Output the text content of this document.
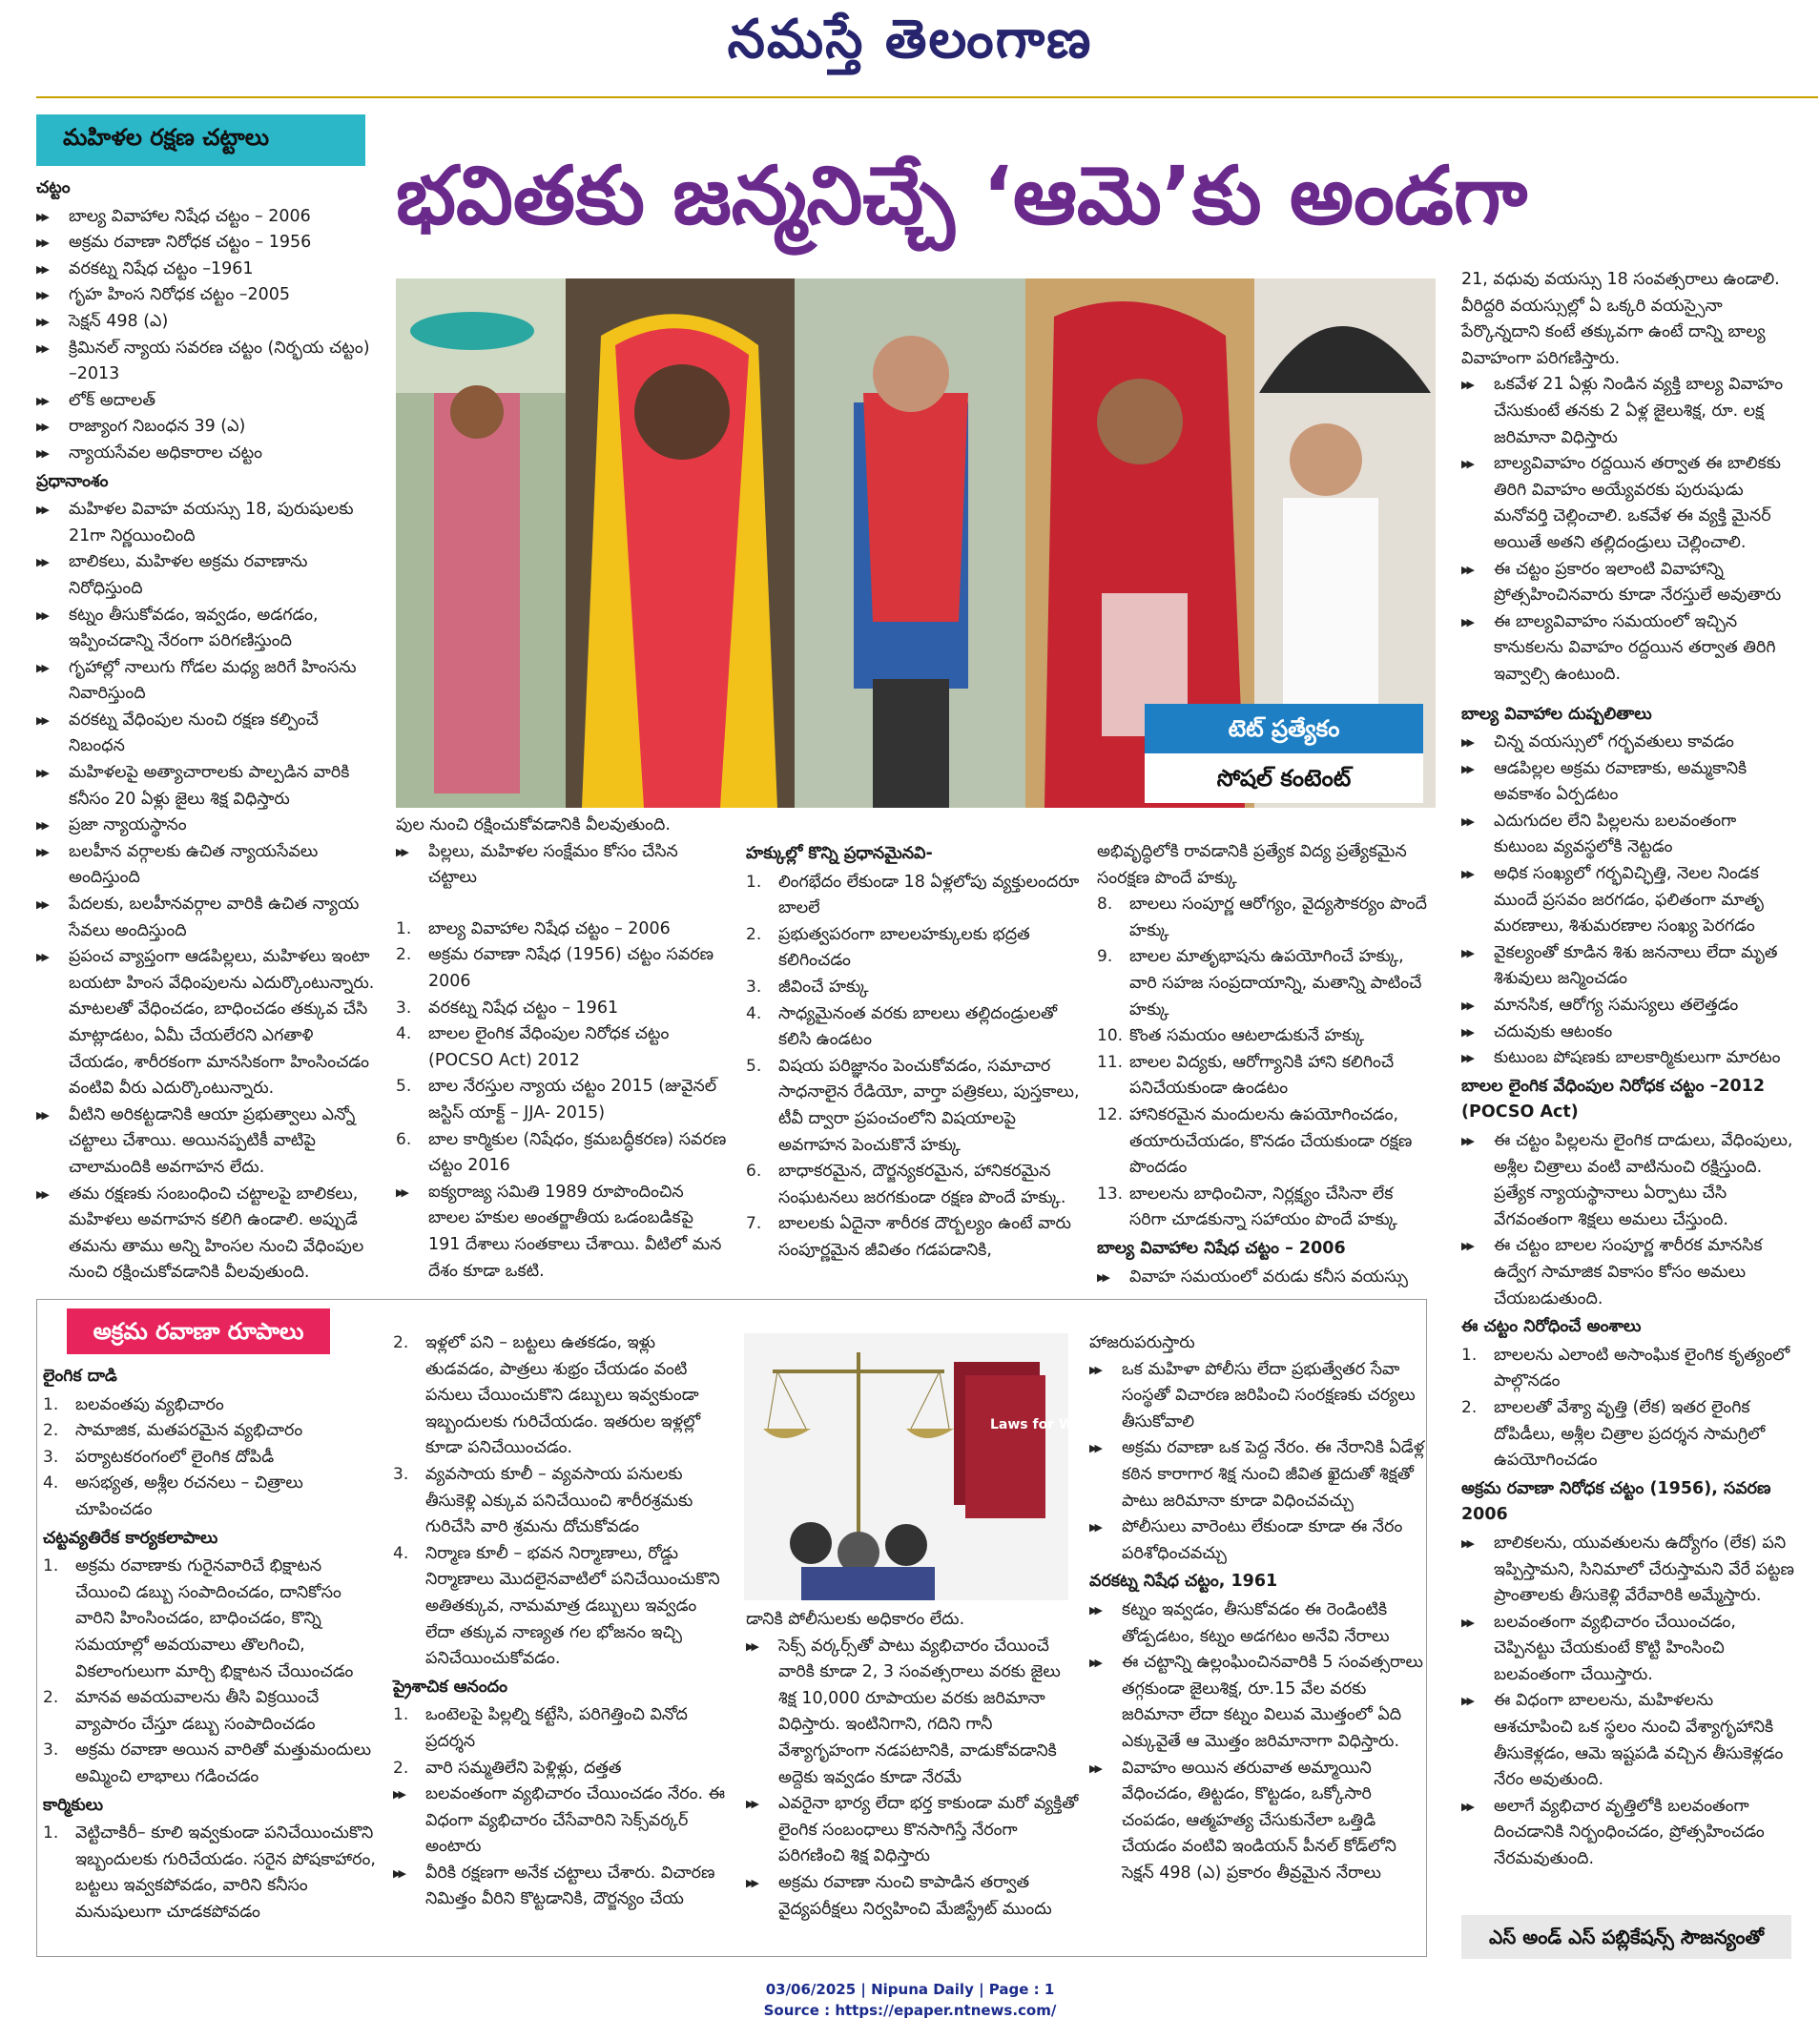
నమస్తే తెలంగాణ
భవితకు జన్మనిచ్చే ‘ఆమె’కు అండగా
మహిళల రక్షణ చట్టాలు
చట్టం
▶▶ బాల్య వివాహాల నిషేధ చట్టం – 2006
▶▶ అక్రమ రవాణా నిరోధక చట్టం – 1956
▶▶ వరకట్న నిషేధ చట్టం –1961
▶▶ గృహ హింస నిరోధక చట్టం –2005
▶▶ సెక్షన్ 498 (ఎ)
▶▶ క్రిమినల్ న్యాయ సవరణ చట్టం (నిర్భయ చట్టం) –2013
▶▶ లోక్ అదాలత్
▶▶ రాజ్యాంగ నిబంధన 39 (ఎ)
▶▶ న్యాయసేవల అధికారాల చట్టం
ప్రధానాంశం
▶▶ మహిళల వివాహ వయస్సు 18, పురుషులకు 21గా నిర్ణయించింది
▶▶ బాలికలు, మహిళల అక్రమ రవాణాను నిరోధిస్తుంది
▶▶ కట్నం తీసుకోవడం, ఇవ్వడం, అడగడం, ఇప్పించడాన్ని నేరంగా పరిగణిస్తుంది
▶▶ గృహాల్లో నాలుగు గోడల మధ్య జరిగే హింసను నివారిస్తుంది
▶▶ వరకట్న వేధింపుల నుంచి రక్షణ కల్పించే నిబంధన
▶▶ మహిళలపై అత్యాచారాలకు పాల్పడిన వారికి కనీసం 20 ఏళ్లు జైలు శిక్ష విధిస్తారు
▶▶ ప్రజా న్యాయస్థానం
▶▶ బలహీన వర్గాలకు ఉచిత న్యాయసేవలు అందిస్తుంది
▶▶ పేదలకు, బలహీనవర్గాల వారికి ఉచిత న్యాయ సేవలు అందిస్తుంది
▶▶ ప్రపంచ వ్యాప్తంగా ఆడపిల్లలు, మహిళలు ఇంటా బయటా హింస వేధింపులను ఎదుర్కొంటున్నారు. మాటలతో వేధించడం, బాధించడం తక్కువ చేసి మాట్లాడటం, ఏమీ చేయలేరని ఎగతాళి చేయడం, శారీరకంగా మానసికంగా హింసించడం వంటివి వీరు ఎదుర్కొంటున్నారు.
▶▶ వీటిని అరికట్టడానికి ఆయా ప్రభుత్వాలు ఎన్నో చట్టాలు చేశాయి. అయినప్పటికీ వాటిపై చాలామందికి అవగాహన లేదు.
▶▶ తమ రక్షణకు సంబంధించి చట్టాలపై బాలికలు, మహిళలు అవగాహన కలిగి ఉండాలి. అప్పుడే తమను తాము అన్ని హింసల నుంచి వేధింపుల నుంచి రక్షించుకోవడానికి వీలవుతుంది.
టెట్ ప్రత్యేకం
సోషల్ కంటెంట్

పుల నుంచి రక్షించుకోవడానికి వీలవుతుంది.

▶▶ పిల్లలు, మహిళల సంక్షేమం కోసం చేసిన చట్టాలు
1. బాల్య వివాహాల నిషేధ చట్టం – 2006
2. అక్రమ రవాణా నిషేధ (1956) చట్టం సవరణ 2006
3. వరకట్న నిషేధ చట్టం – 1961
4. బాలల లైంగిక వేధింపుల నిరోధక చట్టం (POCSO Act) 2012
5. బాల నేరస్తుల న్యాయ చట్టం 2015 (జువైనల్ జస్టిస్ యాక్ట్ – JJA- 2015)
6. బాల కార్మికుల (నిషేధం, క్రమబద్ధీకరణ) సవరణ చట్టం 2016
▶▶ ఐక్యరాజ్య సమితి 1989 రూపొందించిన బాలల హకుల అంతర్జాతీయ ఒడంబడికపై 191 దేశాలు సంతకాలు చేశాయి. వీటిలో మన దేశం కూడా ఒకటి.
హక్కుల్లో కొన్ని ప్రధానమైనవి-
1. లింగభేదం లేకుండా 18 ఏళ్లలోపు వ్యక్తులందరూ బాలలే
2. ప్రభుత్వపరంగా బాలలహక్కులకు భద్రత కలిగించడం
3. జీవించే హక్కు
4. సాధ్యమైనంత వరకు బాలలు తల్లిదండ్రులతో కలిసి ఉండటం
5. విషయ పరిజ్ఞానం పెంచుకోవడం, సమాచార సాధనాలైన రేడియో, వార్తా పత్రికలు, పుస్తకాలు, టీవీ ద్వారా ప్రపంచంలోని విషయాలపై అవగాహన పెంచుకొనే హక్కు
6. బాధాకరమైన, దౌర్జన్యకరమైన, హానికరమైన సంఘటనలు జరగకుండా రక్షణ పొందే హక్కు.
7. బాలలకు ఏదైనా శారీరక దౌర్బల్యం ఉంటే వారు సంపూర్ణమైన జీవితం గడపడానికి,

అభివృద్ధిలోకి రావడానికి ప్రత్యేక విద్య ప్రత్యేకమైన సంరక్షణ పొందే హక్కు

8. బాలలు సంపూర్ణ ఆరోగ్యం, వైద్యసౌకర్యం పొందే హక్కు
9. బాలల మాతృభాషను ఉపయోగించే హక్కు, వారి సహజ సంప్రదాయాన్ని, మతాన్ని పాటించే హక్కు
10. కొంత సమయం ఆటలాడుకునే హక్కు
11. బాలల విద్యకు, ఆరోగ్యానికి హాని కలిగించే పనిచేయకుండా ఉండటం
12. హానికరమైన మందులను ఉపయోగించడం, తయారుచేయడం, కొనడం చేయకుండా రక్షణ పొందడం
13. బాలలను బాధించినా, నిర్లక్ష్యం చేసినా లేక సరిగా చూడకున్నా సహాయం పొందే హక్కు
బాల్య వివాహాల నిషేధ చట్టం – 2006
▶▶ వివాహ సమయంలో వరుడు కనీస వయస్సు

21, వధువు వయస్సు 18 సంవత్సరాలు ఉండాలి. వీరిద్దరి వయస్సుల్లో ఏ ఒక్కరి వయస్సైనా పేర్కొన్నదాని కంటే తక్కువగా ఉంటే దాన్ని బాల్య వివాహంగా పరిగణిస్తారు.

▶▶ ఒకవేళ 21 ఏళ్లు నిండిన వ్యక్తి బాల్య వివాహం చేసుకుంటే తనకు 2 ఏళ్ల జైలుశిక్ష, రూ. లక్ష జరిమానా విధిస్తారు
▶▶ బాల్యవివాహం రద్దయిన తర్వాత ఈ బాలికకు తిరిగి వివాహం అయ్యేవరకు పురుషుడు మనోవర్తి చెల్లించాలి. ఒకవేళ ఈ వ్యక్తి మైనర్ అయితే అతని తల్లిదండ్రులు చెల్లించాలి.
▶▶ ఈ చట్టం ప్రకారం ఇలాంటి వివాహాన్ని ప్రోత్సహించినవారు కూడా నేరస్తులే అవుతారు
▶▶ ఈ బాల్యవివాహం సమయంలో ఇచ్చిన కానుకలను వివాహం రద్దయిన తర్వాత తిరిగి ఇవ్వాల్సి ఉంటుంది.
బాల్య వివాహాల దుష్పలితాలు
▶▶ చిన్న వయస్సులో గర్భవతులు కావడం
▶▶ ఆడపిల్లల అక్రమ రవాణాకు, అమ్మకానికి అవకాశం ఏర్పడటం
▶▶ ఎదుగుదల లేని పిల్లలను బలవంతంగా కుటుంబ వ్యవస్థలోకి నెట్టడం
▶▶ అధిక సంఖ్యలో గర్భవిచ్ఛిత్తి, నెలల నిండక ముందే ప్రసవం జరగడం, ఫలితంగా మాతృ మరణాలు, శిశుమరణాల సంఖ్య పెరగడం
▶▶ వైకల్యంతో కూడిన శిశు జననాలు లేదా మృత శిశువులు జన్మించడం
▶▶ మానసిక, ఆరోగ్య సమస్యలు తలెత్తడం
▶▶ చదువుకు ఆటంకం
▶▶ కుటుంబ పోషణకు బాలకార్మికులుగా మారటం
బాలల లైంగిక వేధింపుల నిరోధక చట్టం –2012 (POCSO Act)
▶▶ ఈ చట్టం పిల్లలను లైంగిక దాడులు, వేధింపులు, అశ్లీల చిత్రాలు వంటి వాటినుంచి రక్షిస్తుంది. ప్రత్యేక న్యాయస్థానాలు ఏర్పాటు చేసి వేగవంతంగా శిక్షలు అమలు చేస్తుంది.
▶▶ ఈ చట్టం బాలల సంపూర్ణ శారీరక మానసిక ఉద్వేగ సామాజిక వికాసం కోసం అమలు చేయబడుతుంది.
ఈ చట్టం నిరోధించే అంశాలు
1. బాలలను ఎలాంటి అసాంఘిక లైంగిక కృత్యంలో పాల్గొనడం
2. బాలలతో వేశ్యా వృత్తి (లేక) ఇతర లైంగిక దోపిడీలు, అశ్లీల చిత్రాల ప్రదర్శన సామగ్రిలో ఉపయోగించడం
అక్రమ రవాణా నిరోధక చట్టం (1956), సవరణ 2006
▶▶ బాలికలను, యువతులను ఉద్యోగం (లేక) పని ఇప్పిస్తామని, సినిమాలో చేరుస్తామని వేరే పట్టణ ప్రాంతాలకు తీసుకెళ్లి వేరేవారికి అమ్మేస్తారు.
▶▶ బలవంతంగా వ్యభిచారం చేయించడం, చెప్పినట్టు చేయకుంటే కొట్టి హింసించి బలవంతంగా చేయిస్తారు.
▶▶ ఈ విధంగా బాలలను, మహిళలను ఆశచూపించి ఒక స్థలం నుంచి వేశ్యాగృహానికి తీసుకెళ్లడం, ఆమె ఇష్టపడి వచ్చిన తీసుకెళ్లడం నేరం అవుతుంది.
▶▶ అలాగే వ్యభిచార వృత్తిలోకి బలవంతంగా దించడానికి నిర్బంధించడం, ప్రోత్సహించడం నేరమవుతుంది.
అక్రమ రవాణా రూపాలు
లైంగిక దాడి
1. బలవంతపు వ్యభిచారం
2. సామాజిక, మతపరమైన వ్యభిచారం
3. పర్యాటకరంగంలో లైంగిక దోపిడీ
4. అసభ్యత, అశ్లీల రచనలు – చిత్రాలు చూపించడం
చట్టవ్యతిరేక కార్యకలాపాలు
1. అక్రమ రవాణాకు గురైనవారిచే భిక్షాటన చేయించి డబ్బు సంపాదించడం, దానికోసం వారిని హింసించడం, బాధించడం, కొన్ని సమయాల్లో అవయవాలు తొలగించి, వికలాంగులుగా మార్చి భిక్షాటన చేయించడం
2. మానవ అవయవాలను తీసి విక్రయించే వ్యాపారం చేస్తూ డబ్బు సంపాదించడం
3. అక్రమ రవాణా అయిన వారితో మత్తుమందులు అమ్మించి లాభాలు గడించడం
కార్మికులు
1. వెట్టిచాకిరీ– కూలి ఇవ్వకుండా పనిచేయించుకొని ఇబ్బందులకు గురిచేయడం. సరైన పోషకాహారం, బట్టలు ఇవ్వకపోవడం, వారిని కనీసం మనుషులుగా చూడకపోవడం
2. ఇళ్లలో పని – బట్టలు ఉతకడం, ఇళ్లు తుడవడం, పాత్రలు శుభ్రం చేయడం వంటి పనులు చేయించుకొని డబ్బులు ఇవ్వకుండా ఇబ్బందులకు గురిచేయడం. ఇతరుల ఇళ్లల్లో కూడా పనిచేయించడం.
3. వ్యవసాయ కూలీ – వ్యవసాయ పనులకు తీసుకెళ్లి ఎక్కువ పనిచేయించి శారీరశ్రమకు గురిచేసి వారి శ్రమను దోచుకోవడం
4. నిర్మాణ కూలీ – భవన నిర్మాణాలు, రోడ్డు నిర్మాణాలు మొదలైనవాటిలో పనిచేయించుకొని అతితక్కువ, నామమాత్ర డబ్బులు ఇవ్వడం లేదా తక్కువ నాణ్యత గల భోజనం ఇచ్చి పనిచేయించుకోవడం.
ప్రైశాచిక ఆనందం
1. ఒంటెలపై పిల్లల్ని కట్టేసి, పరిగెత్తించి వినోద ప్రదర్శన
2. వారి సమ్మతిలేని పెళ్లిళ్లు, దత్తత
▶▶ బలవంతంగా వ్యభిచారం చేయించడం నేరం. ఈ విధంగా వ్యభిచారం చేసేవారిని సెక్స్‌వర్కర్ అంటారు
▶▶ వీరికి రక్షణగా అనేక చట్టాలు చేశారు. విచారణ నిమిత్తం వీరిని కొట్టడానికి, దౌర్జన్యం చేయ
Laws for Women

డానికి పోలీసులకు అధికారం లేదు.

▶▶ సెక్స్ వర్కర్స్‌తో పాటు వ్యభిచారం చేయించే వారికి కూడా 2, 3 సంవత్సరాలు వరకు జైలు శిక్ష 10,000 రూపాయల వరకు జరిమానా విధిస్తారు. ఇంటినిగాని, గదిని గానీ వేశ్యాగృహంగా నడపటానికి, వాడుకోవడానికి అద్దెకు ఇవ్వడం కూడా నేరమే
▶▶ ఎవరైనా భార్య లేదా భర్త కాకుండా మరో వ్యక్తితో లైంగిక సంబంధాలు కొనసాగిస్తే నేరంగా పరిగణించి శిక్ష విధిస్తారు
▶▶ అక్రమ రవాణా నుంచి కాపాడిన తర్వాత వైద్యపరీక్షలు నిర్వహించి మేజిస్ట్రేట్ ముందు

హాజరుపరుస్తారు

▶▶ ఒక మహిళా పోలీసు లేదా ప్రభుత్వేతర సేవా సంస్థతో విచారణ జరిపించి సంరక్షణకు చర్యలు తీసుకోవాలి
▶▶ అక్రమ రవాణా ఒక పెద్ద నేరం. ఈ నేరానికి ఏడేళ్ల కఠిన కారాగార శిక్ష నుంచి జీవిత ఖైదుతో శిక్షతో పాటు జరిమానా కూడా విధించవచ్చు
▶▶ పోలీసులు వారెంటు లేకుండా కూడా ఈ నేరం పరిశోధించవచ్చు
వరకట్న నిషేధ చట్టం, 1961
▶▶ కట్నం ఇవ్వడం, తీసుకోవడం ఈ రెండింటికి తోడ్పడటం, కట్నం అడగటం అనేవి నేరాలు
▶▶ ఈ చట్టాన్ని ఉల్లంఘించినవారికి 5 సంవత్సరాలు తగ్గకుండా జైలుశిక్ష, రూ.15 వేల వరకు జరిమానా లేదా కట్నం విలువ మొత్తంలో ఏది ఎక్కువైతే ఆ మొత్తం జరిమానాగా విధిస్తారు.
▶▶ వివాహం అయిన తరువాత అమ్మాయిని వేధించడం, తిట్టడం, కొట్టడం, ఒక్కోసారి చంపడం, ఆత్మహత్య చేసుకునేలా ఒత్తిడి చేయడం వంటివి ఇండియన్ పీనల్ కోడ్‌లోని సెక్షన్ 498 (ఎ) ప్రకారం తీవ్రమైన నేరాలు
ఎస్ అండ్ ఎస్ పబ్లికేషన్స్ సౌజన్యంతో
03/06/2025 | Nipuna Daily | Page : 1
Source : https://epaper.ntnews.com/
